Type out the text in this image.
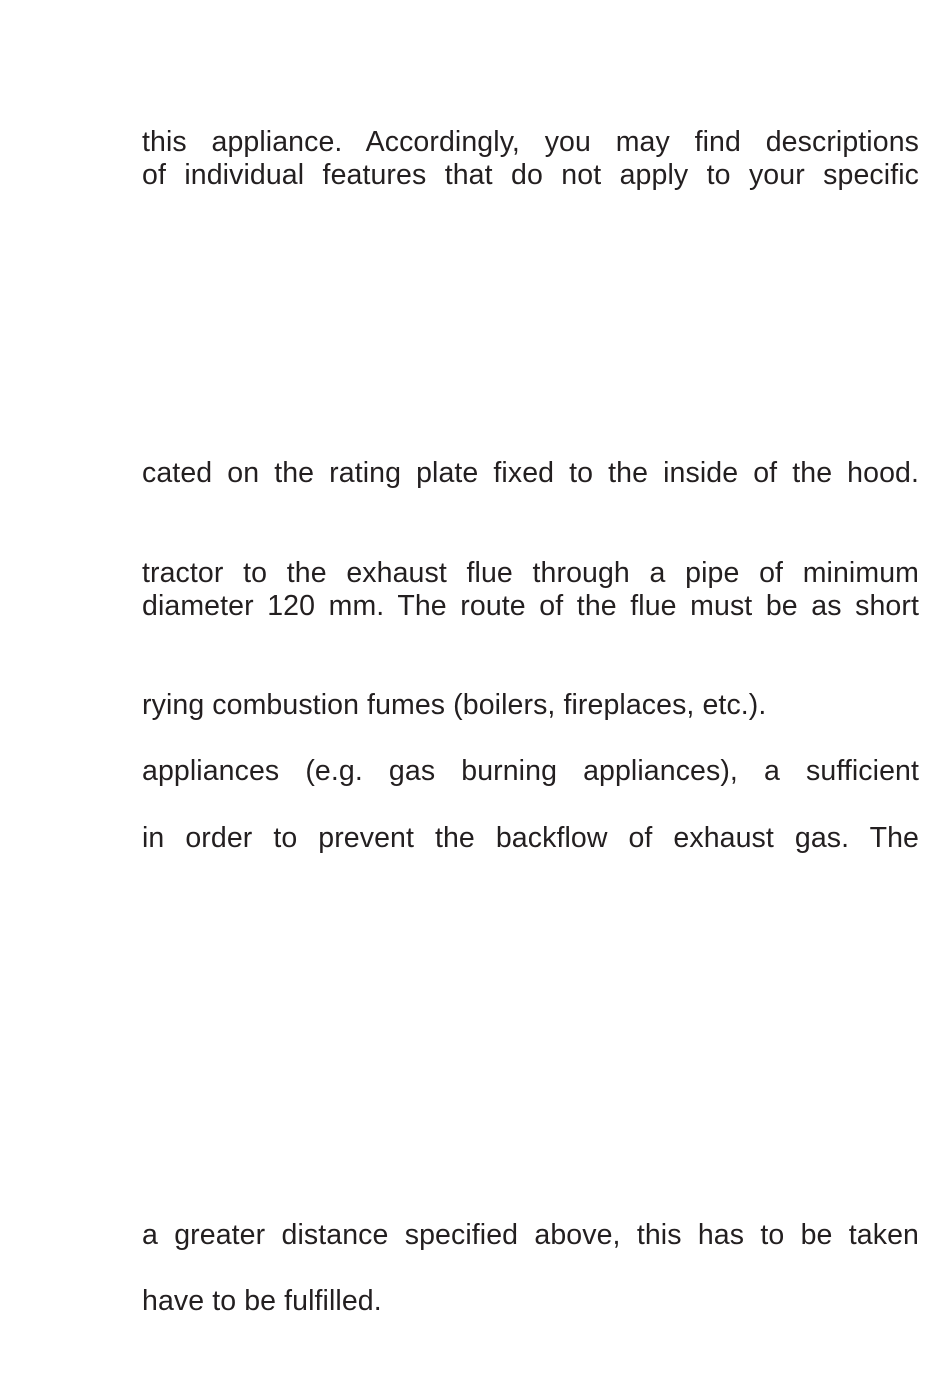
this appliance. Accordingly, you may find descriptions
of individual features that do not apply to your specific
cated on the rating plate fixed to the inside of the hood.
tractor to the exhaust flue through a pipe of minimum
diameter 120 mm. The route of the flue must be as short
rying combustion fumes (boilers, fireplaces, etc.).
appliances (e.g. gas burning appliances), a sufficient
in order to prevent the backflow of exhaust gas. The
a greater distance specified above, this has to be taken
have to be fulfilled.
